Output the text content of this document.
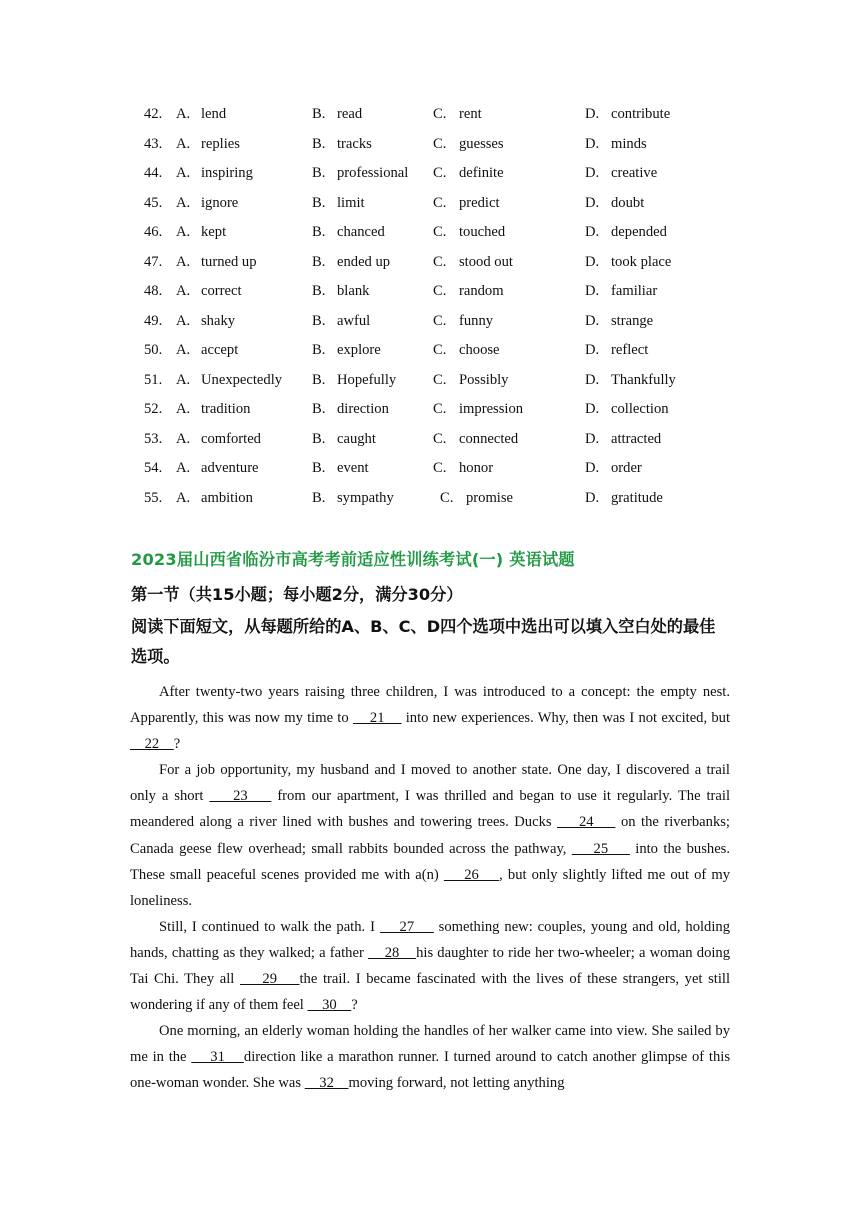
42. A. lend	B. read	C. rent	D. contribute
43. A. replies	B. tracks	C. guesses	D. minds
44. A. inspiring	B. professional C. definite	D. creative
45. A. ignore	B. limit	C. predict	D. doubt
46. A. kept	B. chanced	C. touched	D. depended
47. A. turned up	B. ended up	C. stood out	D. took place
48. A. correct	B. blank	C. random	D. familiar
49. A. shaky	B. awful	C. funny	D. strange
50. A. accept	B. explore	C. choose	D. reflect
51. A. Unexpectedly B. Hopefully	C. Possibly	D. Thankfully
52. A. tradition	B. direction	C. impression	D. collection
53. A. comforted	B. caught	C. connected	D. attracted
54. A. adventure	B. event	C. honor	D. order
55. A. ambition	B. sympathy	C. promise	D. gratitude
2023届山西省临汾市高考考前适应性训练考试(一) 英语试题
第一节（共15小题；每小题2分，满分30分）
阅读下面短文，从每题所给的A、B、C、D四个选项中选出可以填入空白处的最佳选项。

After twenty-two years raising three children, I was introduced to a concept: the empty nest. Apparently, this was now my time to     21     into new experiences. Why, then was I not excited, but     22    ?

For a job opportunity, my husband and I moved to another state. One day, I discovered a trail only a short     23     from our apartment, I was thrilled and began to use it regularly. The trail meandered along a river lined with bushes and towering trees. Ducks     24     on the riverbanks; Canada geese flew overhead; small rabbits bounded across the pathway,     25     into the bushes. These small peaceful scenes provided me with a(n)     26    , but only slightly lifted me out of my loneliness.

Still, I continued to walk the path. I     27     something new: couples, young and old, holding hands, chatting as they walked; a father     28    his daughter to ride her two-wheeler; a woman doing Tai Chi. They all     29    the trail. I became fascinated with the lives of these strangers, yet still wondering if any of them feel     30    ?

One morning, an elderly woman holding the handles of her walker came into view. She sailed by me in the     31    direction like a marathon runner. I turned around to catch another glimpse of this one-woman wonder. She was     32    moving forward, not letting anything
